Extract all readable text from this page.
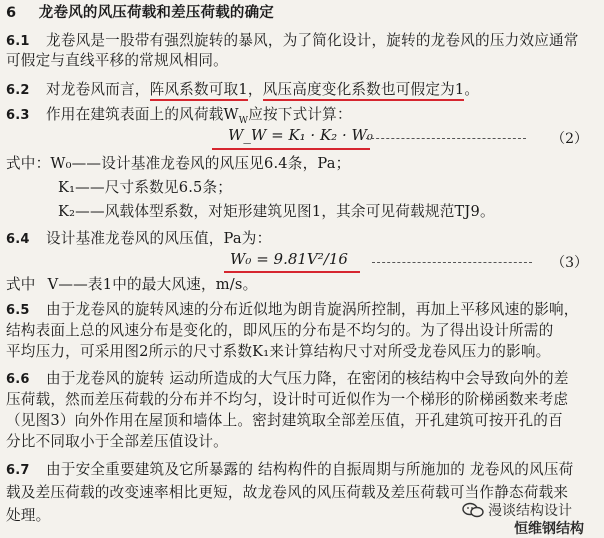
6 龙卷风的风压荷载和差压荷载的确定
6.1 龙卷风是一股带有强烈旋转的暴风，为了简化设计，旋转的龙卷风的压力效应通常
可假定与直线平移的常规风相同。
6.2 对龙卷风而言，阵风系数可取1，风压高度变化系数也可假定为1。
6.3 作用在建筑表面上的风荷载$W_W$应按下式计算：
W_W = K₁ · K₂ · W₀	（2）
式中：W₀——设计基准龙卷风的风压见6.4条，Pa；
K₁——尺寸系数见6.5条；
K₂——风载体型系数，对矩形建筑见图1，其余可见荷载规范TJ9。
6.4 设计基准龙卷风的风压值，Pa为：
W₀ = 9.81V²/16	（3）
式中 V——表1中的最大风速，m/s。
6.5 由于龙卷风的旋转风速的分布近似地为朗肯旋涡所控制，再加上平移风速的影响，
结构表面上总的风速分布是变化的，即风压的分布是不均匀的。为了得出设计所需的
平均压力，可采用图2所示的尺寸系数K₁来计算结构尺寸对所受龙卷风压力的影响。
6.6 由于龙卷风的旋转 运动所造成的大气压力降，在密闭的核结构中会导致向外的差
压荷载，然而差压荷载的分布并不均匀，设计时可近似作为一个梯形的阶梯函数来考虑
（见图3）向外作用在屋顶和墙体上。密封建筑取全部差压值，开孔建筑可按开孔的百
分比不同取小于全部差压值设计。
6.7 由于安全重要建筑及它所暴露的 结构构件的自振周期与所施加的 龙卷风的风压荷
载及差压荷载的改变速率相比更短，故龙卷风的风压荷载及差压荷载可当作静态荷载来
处理。	漫谈结构设计
恒维钢结构
